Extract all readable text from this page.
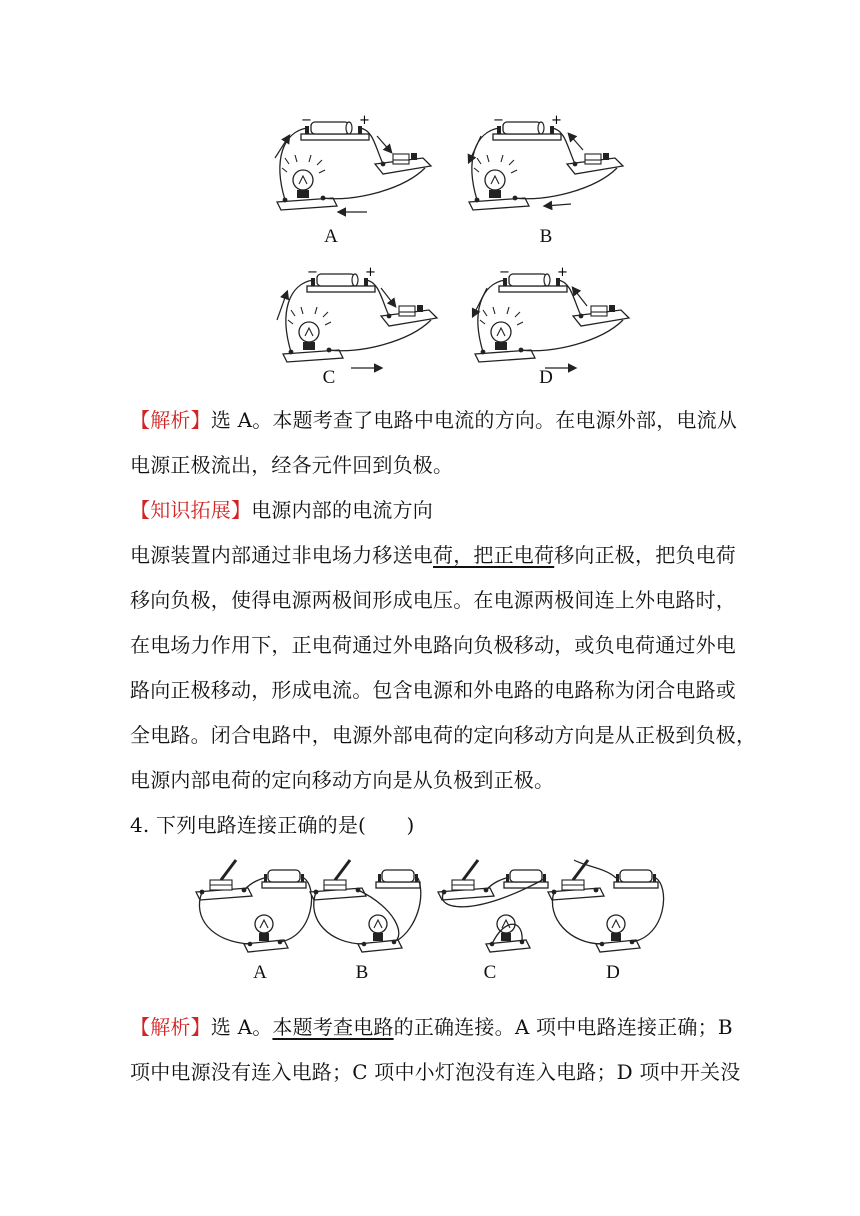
−	+	−	+
−	+	−	+
A	B
C	D
【解析】选 A。本题考查了电路中电流的方向。在电源外部，电流从
电源正极流出，经各元件回到负极。
【知识拓展】电源内部的电流方向
电源装置内部通过非电场力移送电荷，把正电荷移向正极，把负电荷
移向负极，使得电源两极间形成电压。在电源两极间连上外电路时，
在电场力作用下，正电荷通过外电路向负极移动，或负电荷通过外电
路向正极移动，形成电流。包含电源和外电路的电路称为闭合电路或
全电路。闭合电路中，电源外部电荷的定向移动方向是从正极到负极，
电源内部电荷的定向移动方向是从负极到正极。
4. 下列电路连接正确的是(　　)
A	B	C	D
【解析】选 A。本题考查电路的正确连接。A 项中电路连接正确；B
项中电源没有连入电路；C 项中小灯泡没有连入电路；D 项中开关没
